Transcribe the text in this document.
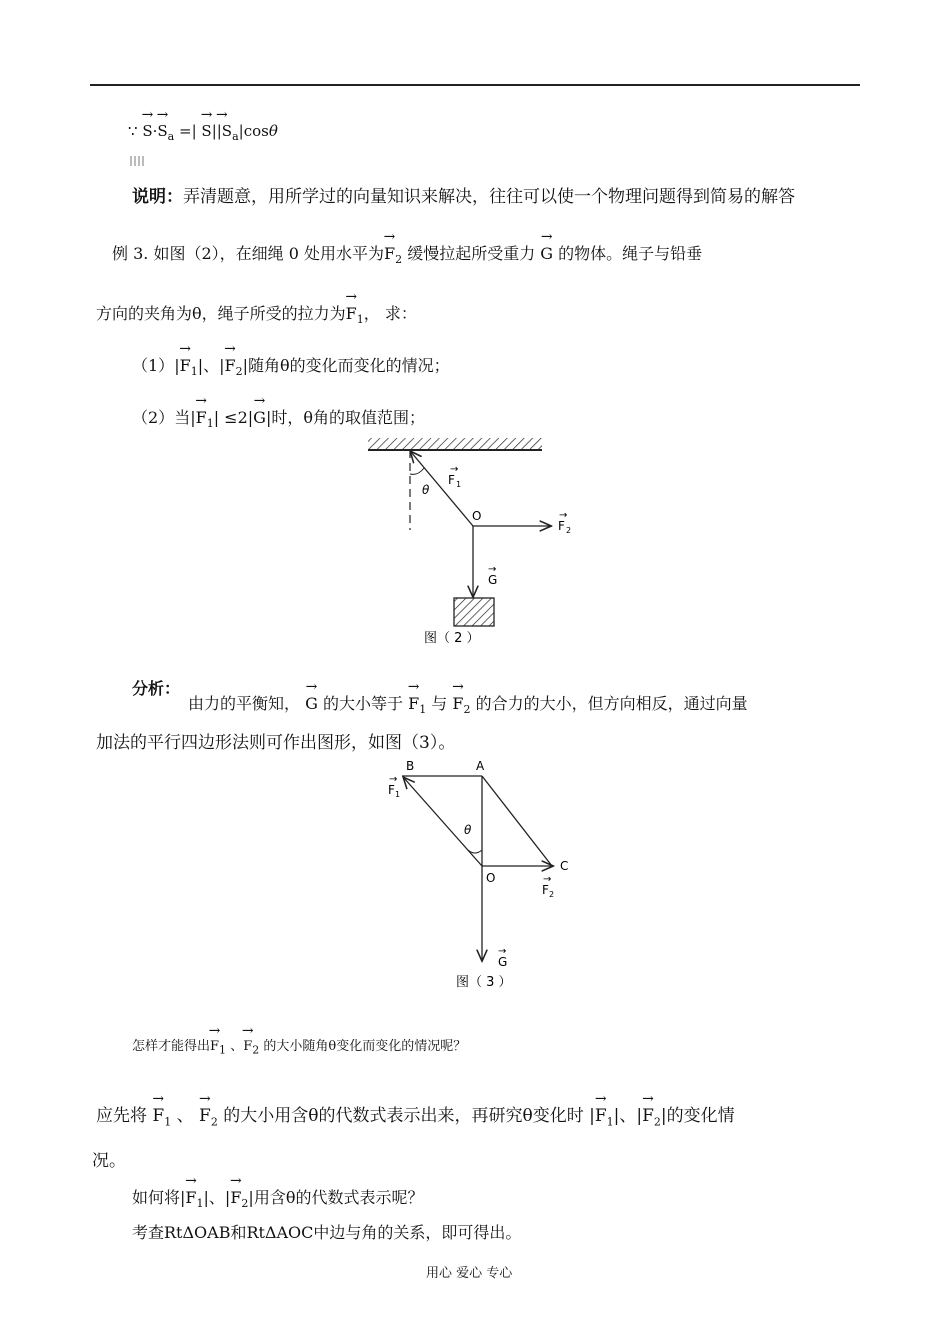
∵ → $S\cdot\to S_a$ =| → $S\to ||S_a|\cos\theta$
说明：弄清题意，用所学过的向量知识来解决，往往可以使一个物理问题得到简易的解答
例 3. 如图（2），在细绳 0 处用水平为→ $F_2$ 缓慢拉起所受重力 → G 的物体。绳子与铅垂
方向的夹角为θ，绳子所受的拉力为→ $F_1$， 求：
$(1)|\to F_1|$、|→ $F_2|$随角θ的变化而变化的情况；
（2）当|→ $F_1| \le 2|\to G|$时，θ角的取值范围；
θ
O
F 1
→
F 2
→
G
→
图（ 2 ）
分析：
由力的平衡知， → G 的大小等于 → $F_1$ 与 → $F_2$ 的合力的大小，但方向相反，通过向量
加法的平行四边形法则可作出图形，如图（3）。
A
B
C
O
θ
F 1
→
F 2
→
G
→
图（ 3 ）
怎样才能得出→ $F_1$ 、→ $F_2$ 的大小随角θ变化而变化的情况呢？
应先将 → $F_1$ 、 → $F_2$ 的大小用含θ的代数式表示出来，再研究θ变化时 |→ $F_1|$、|→ $F_2|$的变化情
况。
如何将|→ $F_1|$、|→ $F_2|$用含θ的代数式表示呢？
考查RtΔOAB和RtΔAOC中边与角的关系，即可得出。
用心 爱心 专心
